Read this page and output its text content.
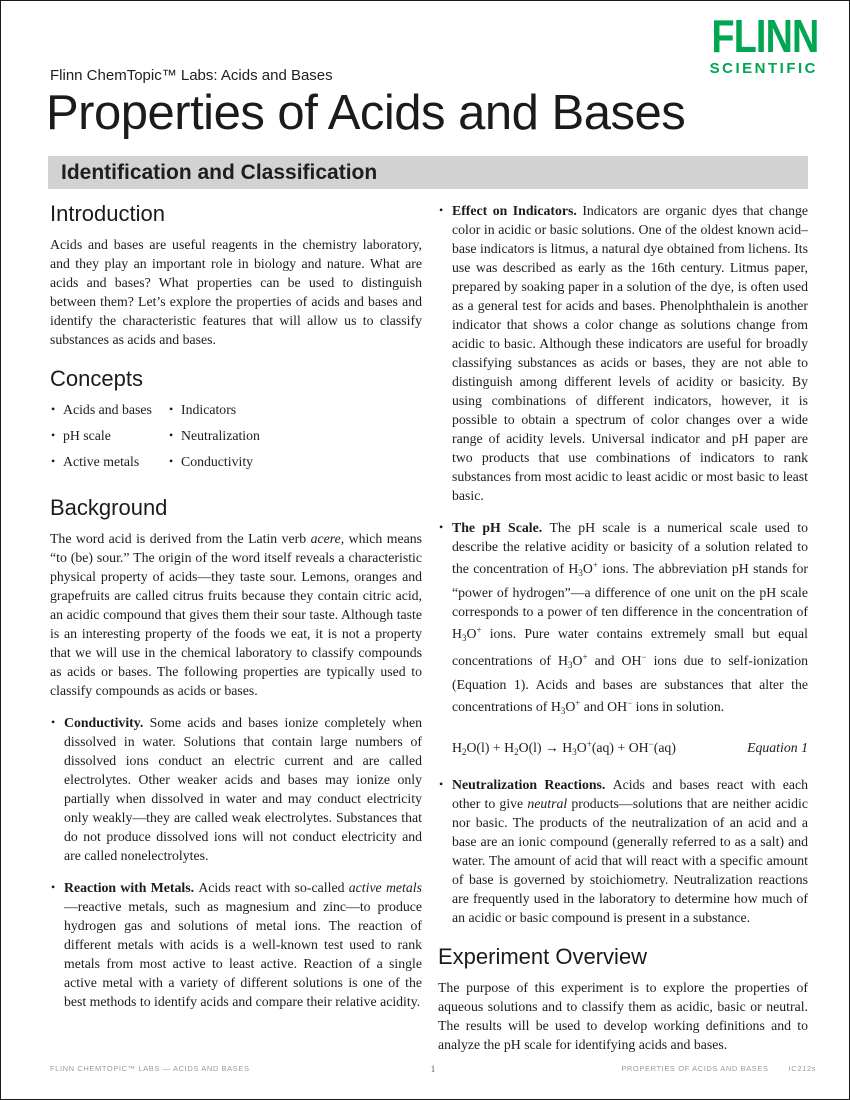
FLINN
SCIENTIFIC
Flinn ChemTopic™ Labs: Acids and Bases
Properties of Acids and Bases
Identification and Classification
Introduction

Acids and bases are useful reagents in the chemistry laboratory, and they play an important role in biology and nature. What are acids and bases? What properties can be used to distinguish between them? Let’s explore the properties of acids and bases and identify the characteristic features that will allow us to classify substances as acids and bases.

Concepts
• Acids and bases
• pH scale
• Active metals
• Indicators
• Neutralization
• Conductivity
Background

The word acid is derived from the Latin verb acere, which means “to (be) sour.” The origin of the word itself reveals a characteristic physical property of acids—they taste sour. Lemons, oranges and grapefruits are called citrus fruits because they contain citric acid, an acidic compound that gives them their sour taste. Although taste is an interesting property of the foods we eat, it is not a property that we will use in the chemical laboratory to classify compounds as acids or bases. The following properties are typically used to classify compounds as acids or bases.

• Conductivity. Some acids and bases ionize completely when dissolved in water. Solutions that contain large numbers of dissolved ions conduct an electric current and are called electrolytes. Other weaker acids and bases may ionize only partially when dissolved in water and may conduct electricity only weakly—they are called weak electrolytes. Substances that do not produce dissolved ions will not conduct electricity and are called nonelectrolytes.
• Reaction with Metals. Acids react with so-called active metals—reactive metals, such as magnesium and zinc—to produce hydrogen gas and solutions of metal ions. The reaction of different metals with acids is a well-known test used to rank metals from most active to least active. Reaction of a single active metal with a variety of different solutions is one of the best methods to identify acids and compare their relative acidity.
• Effect on Indicators. Indicators are organic dyes that change color in acidic or basic solutions. One of the oldest known acid–base indicators is litmus, a natural dye obtained from lichens. Its use was described as early as the 16th century. Litmus paper, prepared by soaking paper in a solution of the dye, is often used as a general test for acids and bases. Phenolphthalein is another indicator that shows a color change as solutions change from acidic to basic. Although these indicators are useful for broadly classifying substances as acids or bases, they are not able to distinguish among different levels of acidity or basicity. By using combinations of different indicators, however, it is possible to obtain a spectrum of color changes over a wide range of acidity levels. Universal indicator and pH paper are two products that use combinations of indicators to rank substances from most acidic to least acidic or most basic to least basic.
• The pH Scale. The pH scale is a numerical scale used to describe the relative acidity or basicity of a solution related to the concentration of $H_3O^+$ ions. The abbreviation pH stands for “power of hydrogen”—a difference of one unit on the pH scale corresponds to a power of ten difference in the concentration of $H_3O^+$ ions. Pure water contains extremely small but equal concentrations of $H_3O^+$ and OH− ions due to self-ionization (Equation 1). Acids and bases are substances that alter the concentrations of $H_3O^+$ and OH− ions in solution.
$H_2O(l) + H_2O(l) \to H_3O^+(aq) + OH^-(aq)$	Equation 1
• Neutralization Reactions. Acids and bases react with each other to give neutral products—solutions that are neither acidic nor basic. The products of the neutralization of an acid and a base are an ionic compound (generally referred to as a salt) and water. The amount of acid that will react with a specific amount of base is governed by stoichiometry. Neutralization reactions are frequently used in the laboratory to determine how much of an acidic or basic compound is present in a substance.
Experiment Overview

The purpose of this experiment is to explore the properties of aqueous solutions and to classify them as acidic, basic or neutral. The results will be used to develop working definitions and to analyze the pH scale for identifying acids and bases.

FLINN CHEMTOPIC™ LABS — ACIDS AND BASES	1	PROPERTIES OF ACIDS AND BASES	IC212s
